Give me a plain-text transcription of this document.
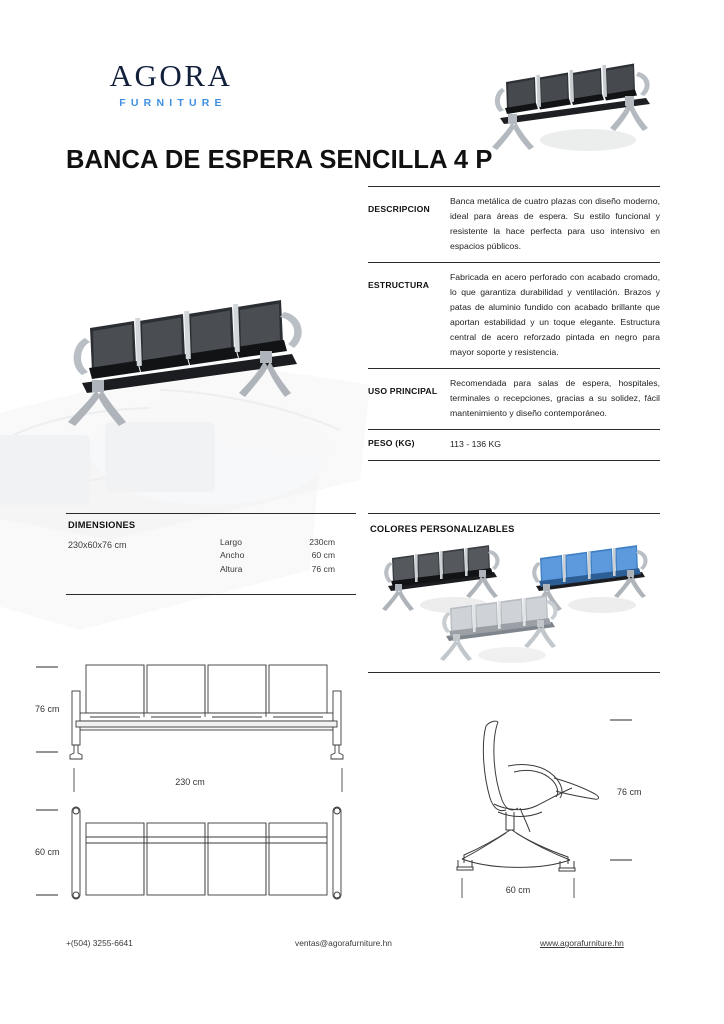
AGORA
FURNITURE
BANCA DE ESPERA SENCILLA 4 P
DESCRIPCION
Banca metálica de cuatro plazas con diseño moderno, ideal para áreas de espera. Su estilo funcional y resistente la hace perfecta para uso intensivo en espacios públicos.
ESTRUCTURA
Fabricada en acero perforado con acabado cromado, lo que garantiza durabilidad y ventilación. Brazos y patas de aluminio fundido con acabado brillante que aportan estabilidad y un toque elegante. Estructura central de acero reforzado pintada en negro para mayor soporte y resistencia.
USO PRINCIPAL
Recomendada para salas de espera, hospitales, terminales o recepciones, gracias a su solidez, fácil mantenimiento y diseño contemporáneo.
PESO (KG)	113 - 136 KG
DIMENSIONES
230x60x76 cm	Largo	230cm
Ancho	60 cm
Altura	76 cm
COLORES PERSONALIZABLES
76 cm
230 cm
60 cm
76 cm
60 cm
+(504) 3255-6641	ventas@agorafurniture.hn	www.agorafurniture.hn
